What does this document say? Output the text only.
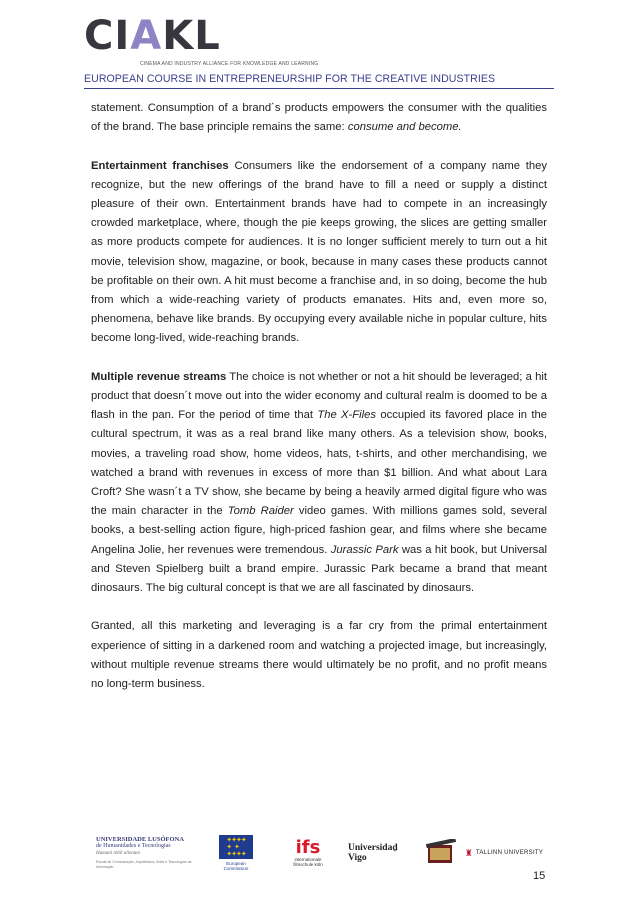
CIAKL
CINEMA AND INDUSTRY ALLIANCE FOR KNOWLEDGE AND LEARNING
EUROPEAN COURSE IN ENTREPRENEURSHIP FOR THE CREATIVE INDUSTRIES

statement. Consumption of a brand´s products empowers the consumer with the qualities of the brand. The base principle remains the same: consume and become.

Entertainment franchises Consumers like the endorsement of a company name they recognize, but the new offerings of the brand have to fill a need or supply a distinct pleasure of their own. Entertainment brands have had to compete in an increasingly crowded marketplace, where, though the pie keeps growing, the slices are getting smaller as more products compete for audiences. It is no longer sufficient merely to turn out a hit movie, television show, magazine, or book, because in many cases these products cannot be profitable on their own. A hit must become a franchise and, in so doing, become the hub from which a wide-reaching variety of products emanates. Hits and, even more so, phenomena, behave like brands. By occupying every available niche in popular culture, hits become long-lived, wide-reaching brands.

Multiple revenue streams The choice is not whether or not a hit should be leveraged; a hit product that doesn´t move out into the wider economy and cultural realm is doomed to be a flash in the pan. For the period of time that The X-Files occupied its favored place in the cultural spectrum, it was as a real brand like many others. As a television show, books, movies, a traveling road show, home videos, hats, t-shirts, and other merchandising, we watched a brand with revenues in excess of more than $1 billion. And what about Lara Croft? She wasn´t a TV show, she became by being a heavily armed digital figure who was the main character in the Tomb Raider video games. With millions games sold, several books, a best-selling action figure, high-priced fashion gear, and films where she became Angelina Jolie, her revenues were tremendous. Jurassic Park was a hit book, but Universal and Steven Spielberg built a brand empire. Jurassic Park became a brand that meant dinosaurs. The big cultural concept is that we are all fascinated by dinosaurs.

Granted, all this marketing and leveraging is a far cry from the primal entertainment experience of sitting in a darkened room and watching a projected image, but increasingly, without multiple revenue streams there would ultimately be no profit, and no profit means no long-term business.

UNIVERSIDADE LUSÓFONA
de Humanidades e Tecnologias
Humani nihil alienum
Escola de Comunicação, Arquitectura, Artes e Tecnologias da Informação
✦✦✦✦
✦   ✦
✦✦✦✦
European
Commission
ifs
internationale
filmschule köln
Universidaḏ Vigo
♜ TALLINN UNIVERSITY
15
